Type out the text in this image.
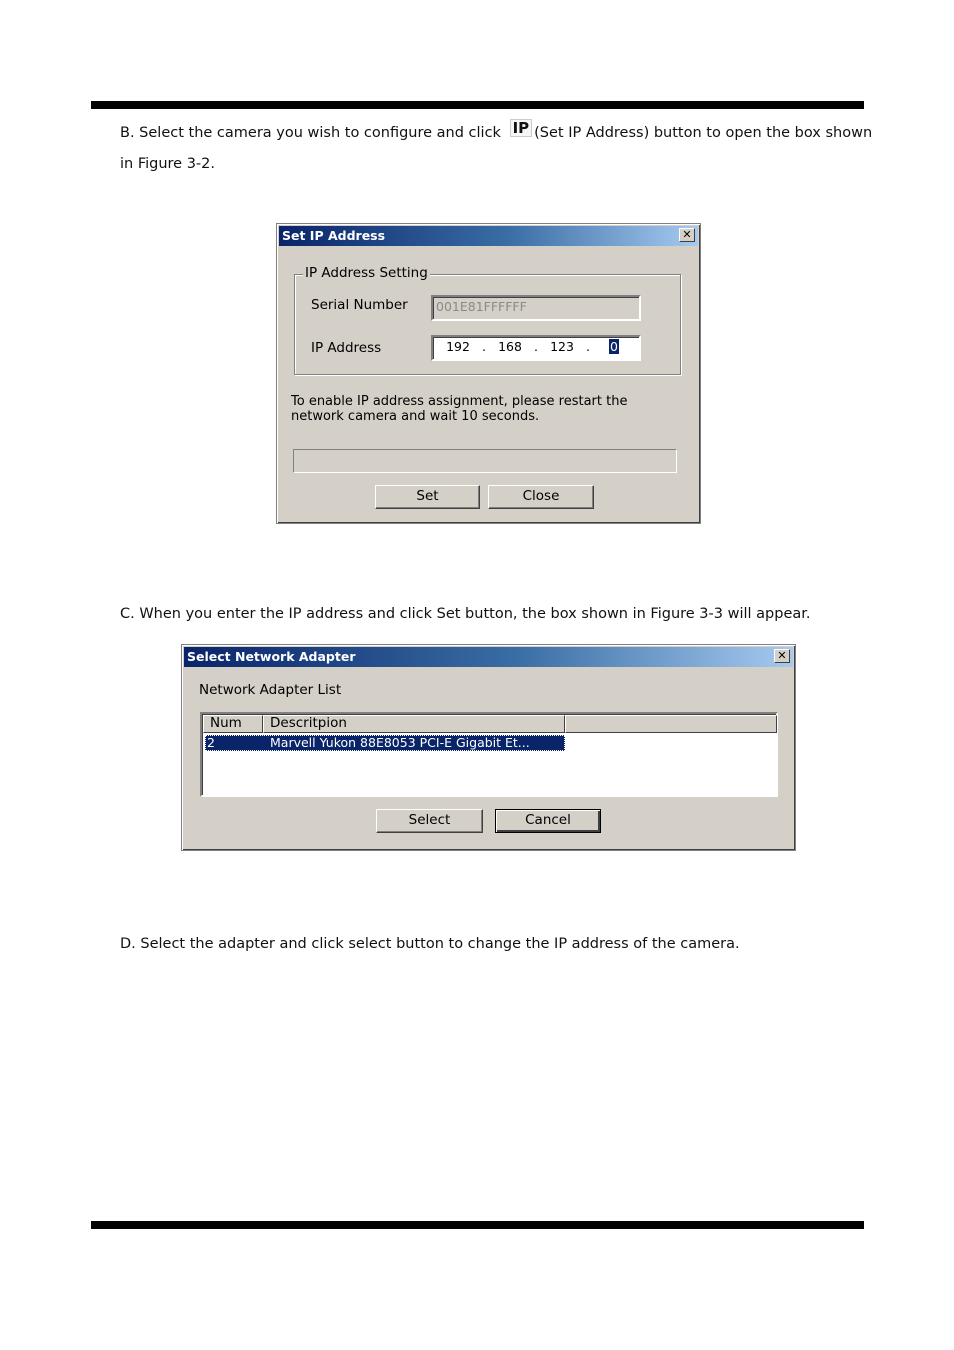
B. Select the camera you wish to configure and click IP (Set IP Address) button to open the box shown
in Figure 3-2.
Set IP Address	✕
IP Address Setting
Serial Number	001E81FFFFFF
IP Address	192 . 168 . 123 . 0
To enable IP address assignment, please restart the
network camera and wait 10 seconds.
Set	Close
C. When you enter the IP address and click Set button, the box shown in Figure 3-3 will appear.
Select Network Adapter	✕
Network Adapter List
Num	Descritpion
2	Marvell Yukon 88E8053 PCI-E Gigabit Et...
Select	Cancel
D. Select the adapter and click select button to change the IP address of the camera.
